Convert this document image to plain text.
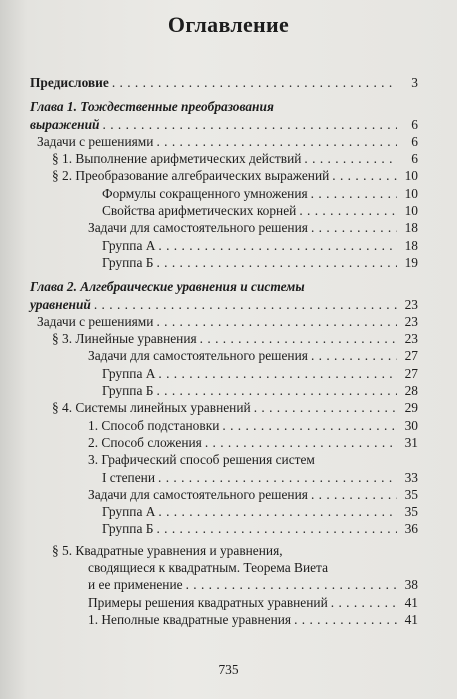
Оглавление
Предисловие . . .	3
Глава 1. Тождественные преобразования
выражений . . .	6
Задачи с решениями . . .	6
§ 1. Выполнение арифметических действий . . .	6
§ 2. Преобразование алгебраических выражений . . .	10
Формулы сокращенного умножения . . .	10
Свойства арифметических корней . . .	10
Задачи для самостоятельного решения . . .	18
Группа А . . .	18
Группа Б . . .	19
Глава 2. Алгебраические уравнения и системы
уравнений . . .	23
Задачи с решениями . . .	23
§ 3. Линейные уравнения . . .	23
Задачи для самостоятельного решения . . .	27
Группа А . . .	27
Группа Б . . .	28
§ 4. Системы линейных уравнений . . .	29
1. Способ подстановки . . .	30
2. Способ сложения . . .	31
3. Графический способ решения систем
I степени . . .	33
Задачи для самостоятельного решения . . .	35
Группа А . . .	35
Группа Б . . .	36
§ 5. Квадратные уравнения и уравнения,
сводящиеся к квадратным. Теорема Виета
и ее применение . . .	38
Примеры решения квадратных уравнений . . .	41
1. Неполные квадратные уравнения . . .	41
735
